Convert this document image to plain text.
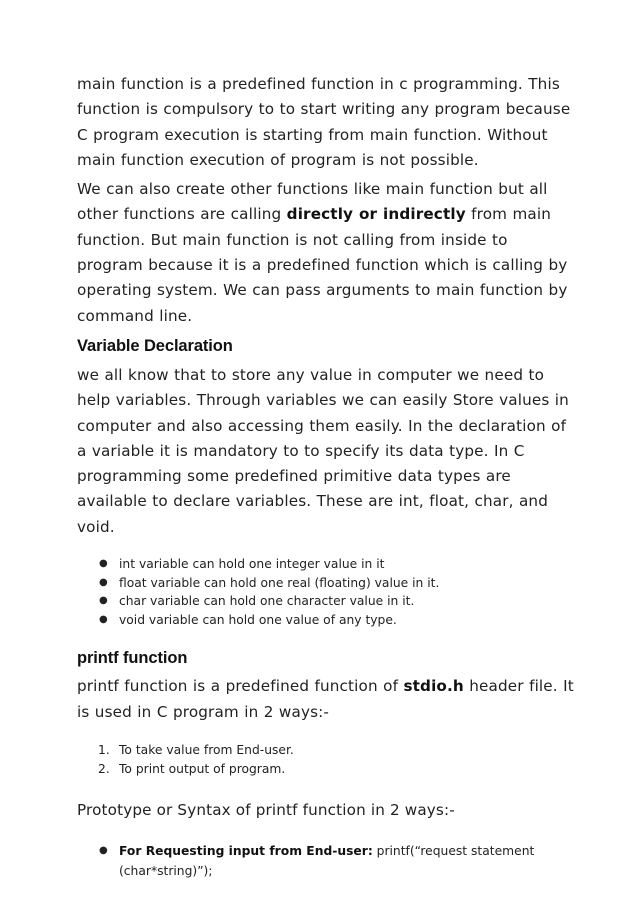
main function is a predefined function in c programming. This function is compulsory to to start writing any program because C program execution is starting from main function. Without main function execution of program is not possible.

We can also create other functions like main function but all other functions are calling directly or indirectly from main function. But main function is not calling from inside to program because it is a predefined function which is calling by operating system. We can pass arguments to main function by command line.

Variable Declaration

we all know that to store any value in computer we need to help variables. Through variables we can easily Store values in computer and also accessing them easily. In the declaration of a variable it is mandatory to to specify its data type. In C programming some predefined primitive data types are available to declare variables. These are int, float, char, and void.

● int variable can hold one integer value in it
● float variable can hold one real (floating) value in it.
● char variable can hold one character value in it.
● void variable can hold one value of any type.
printf function

printf function is a predefined function of stdio.h header file. It is used in C program in 2 ways:-

1. To take value from End-user.
2. To print output of program.

Prototype or Syntax of printf function in 2 ways:-

● For Requesting input from End-user: printf(“request statement (char*string)”);
